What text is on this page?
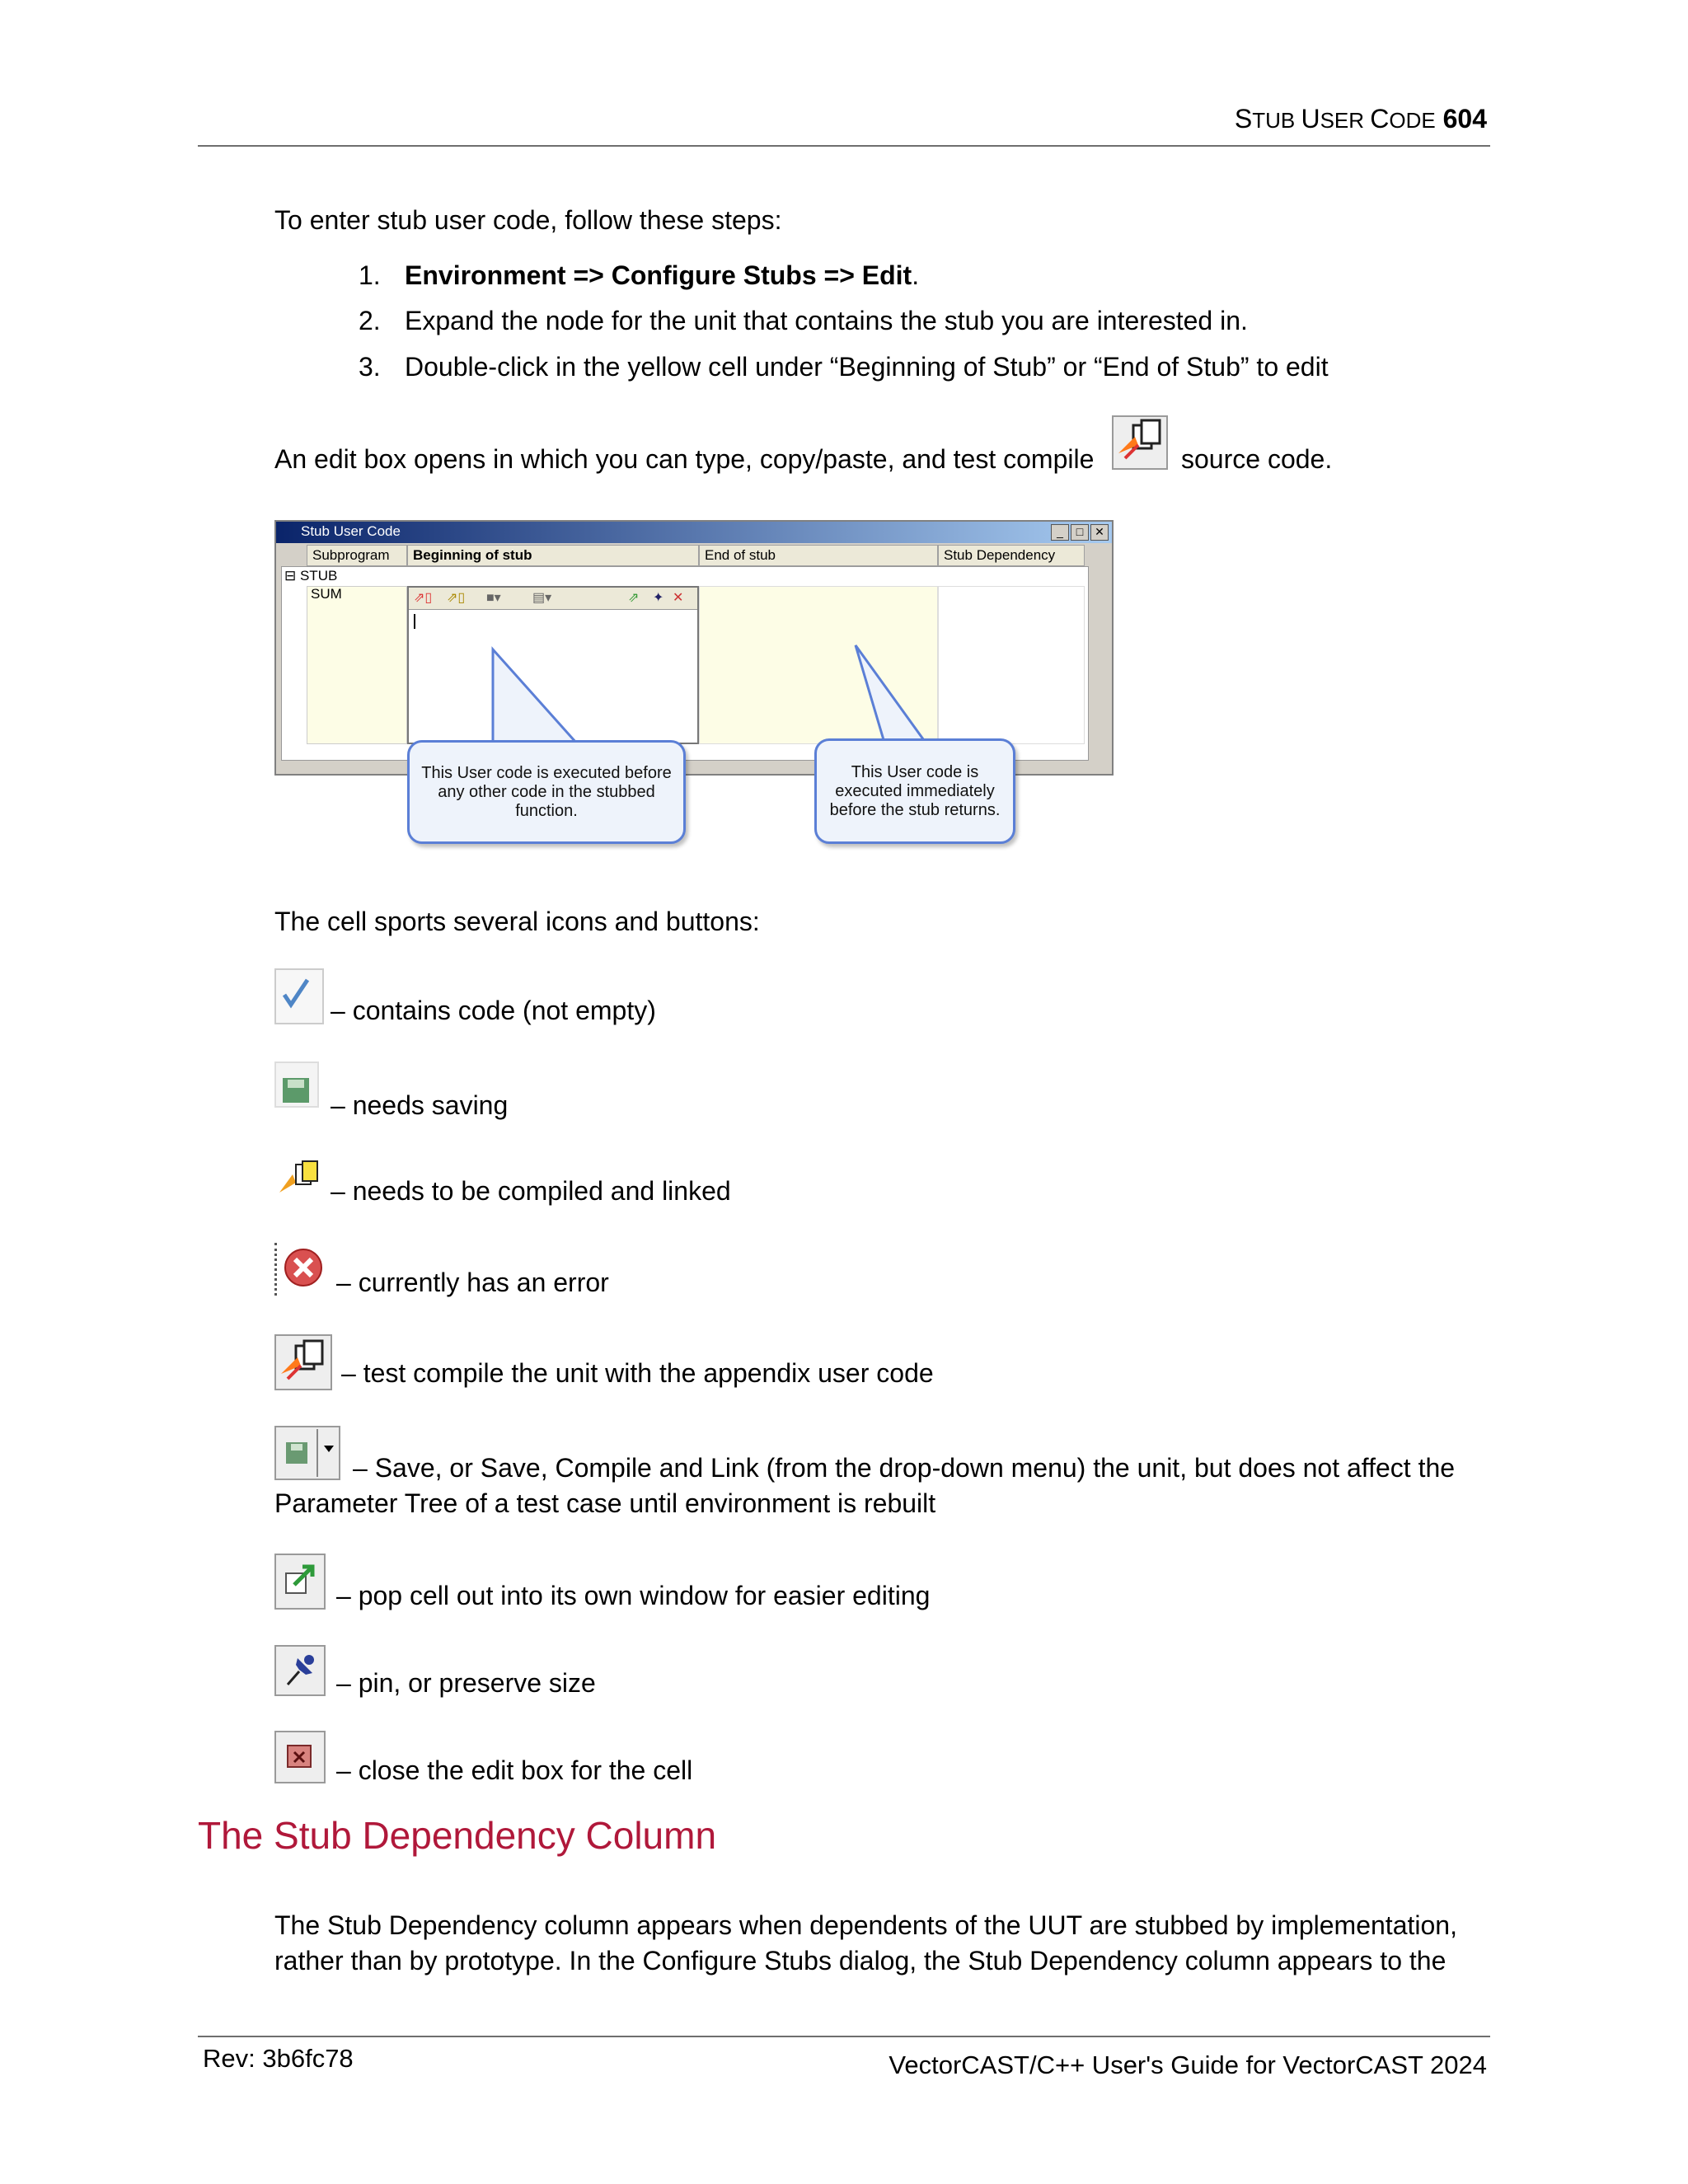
STUB USER CODE 604
To enter stub user code, follow these steps:
1. Environment => Configure Stubs => Edit.
2. Expand the node for the unit that contains the stub you are interested in.
3. Double-click in the yellow cell under “Beginning of Stub” or “End of Stub” to edit
An edit box opens in which you can type, copy/paste, and test compile	source code.
Stub User Code	_	□ ✕
Subprogram	Beginning of stub	End of stub	Stub Dependency
⊟ STUB
SUM	⇗▯ ⇗▯ ■▾ ▤▾	⇗ ✦ ✕
This User code is executed before any other code in the stubbed function.
This User code is executed immediately before the stub returns.
The cell sports several icons and buttons:
– contains code (not empty)
– needs saving
– needs to be compiled and linked
– currently has an error
– test compile the unit with the appendix user code
– Save, or Save, Compile and Link (from the drop-down menu) the unit, but does not affect the
Parameter Tree of a test case until environment is rebuilt
– pop cell out into its own window for easier editing
– pin, or preserve size
– close the edit box for the cell
The Stub Dependency Column
The Stub Dependency column appears when dependents of the UUT are stubbed by implementation,
rather than by prototype. In the Configure Stubs dialog, the Stub Dependency column appears to the
Rev: 3b6fc78	VectorCAST/C++ User's Guide for VectorCAST 2024
